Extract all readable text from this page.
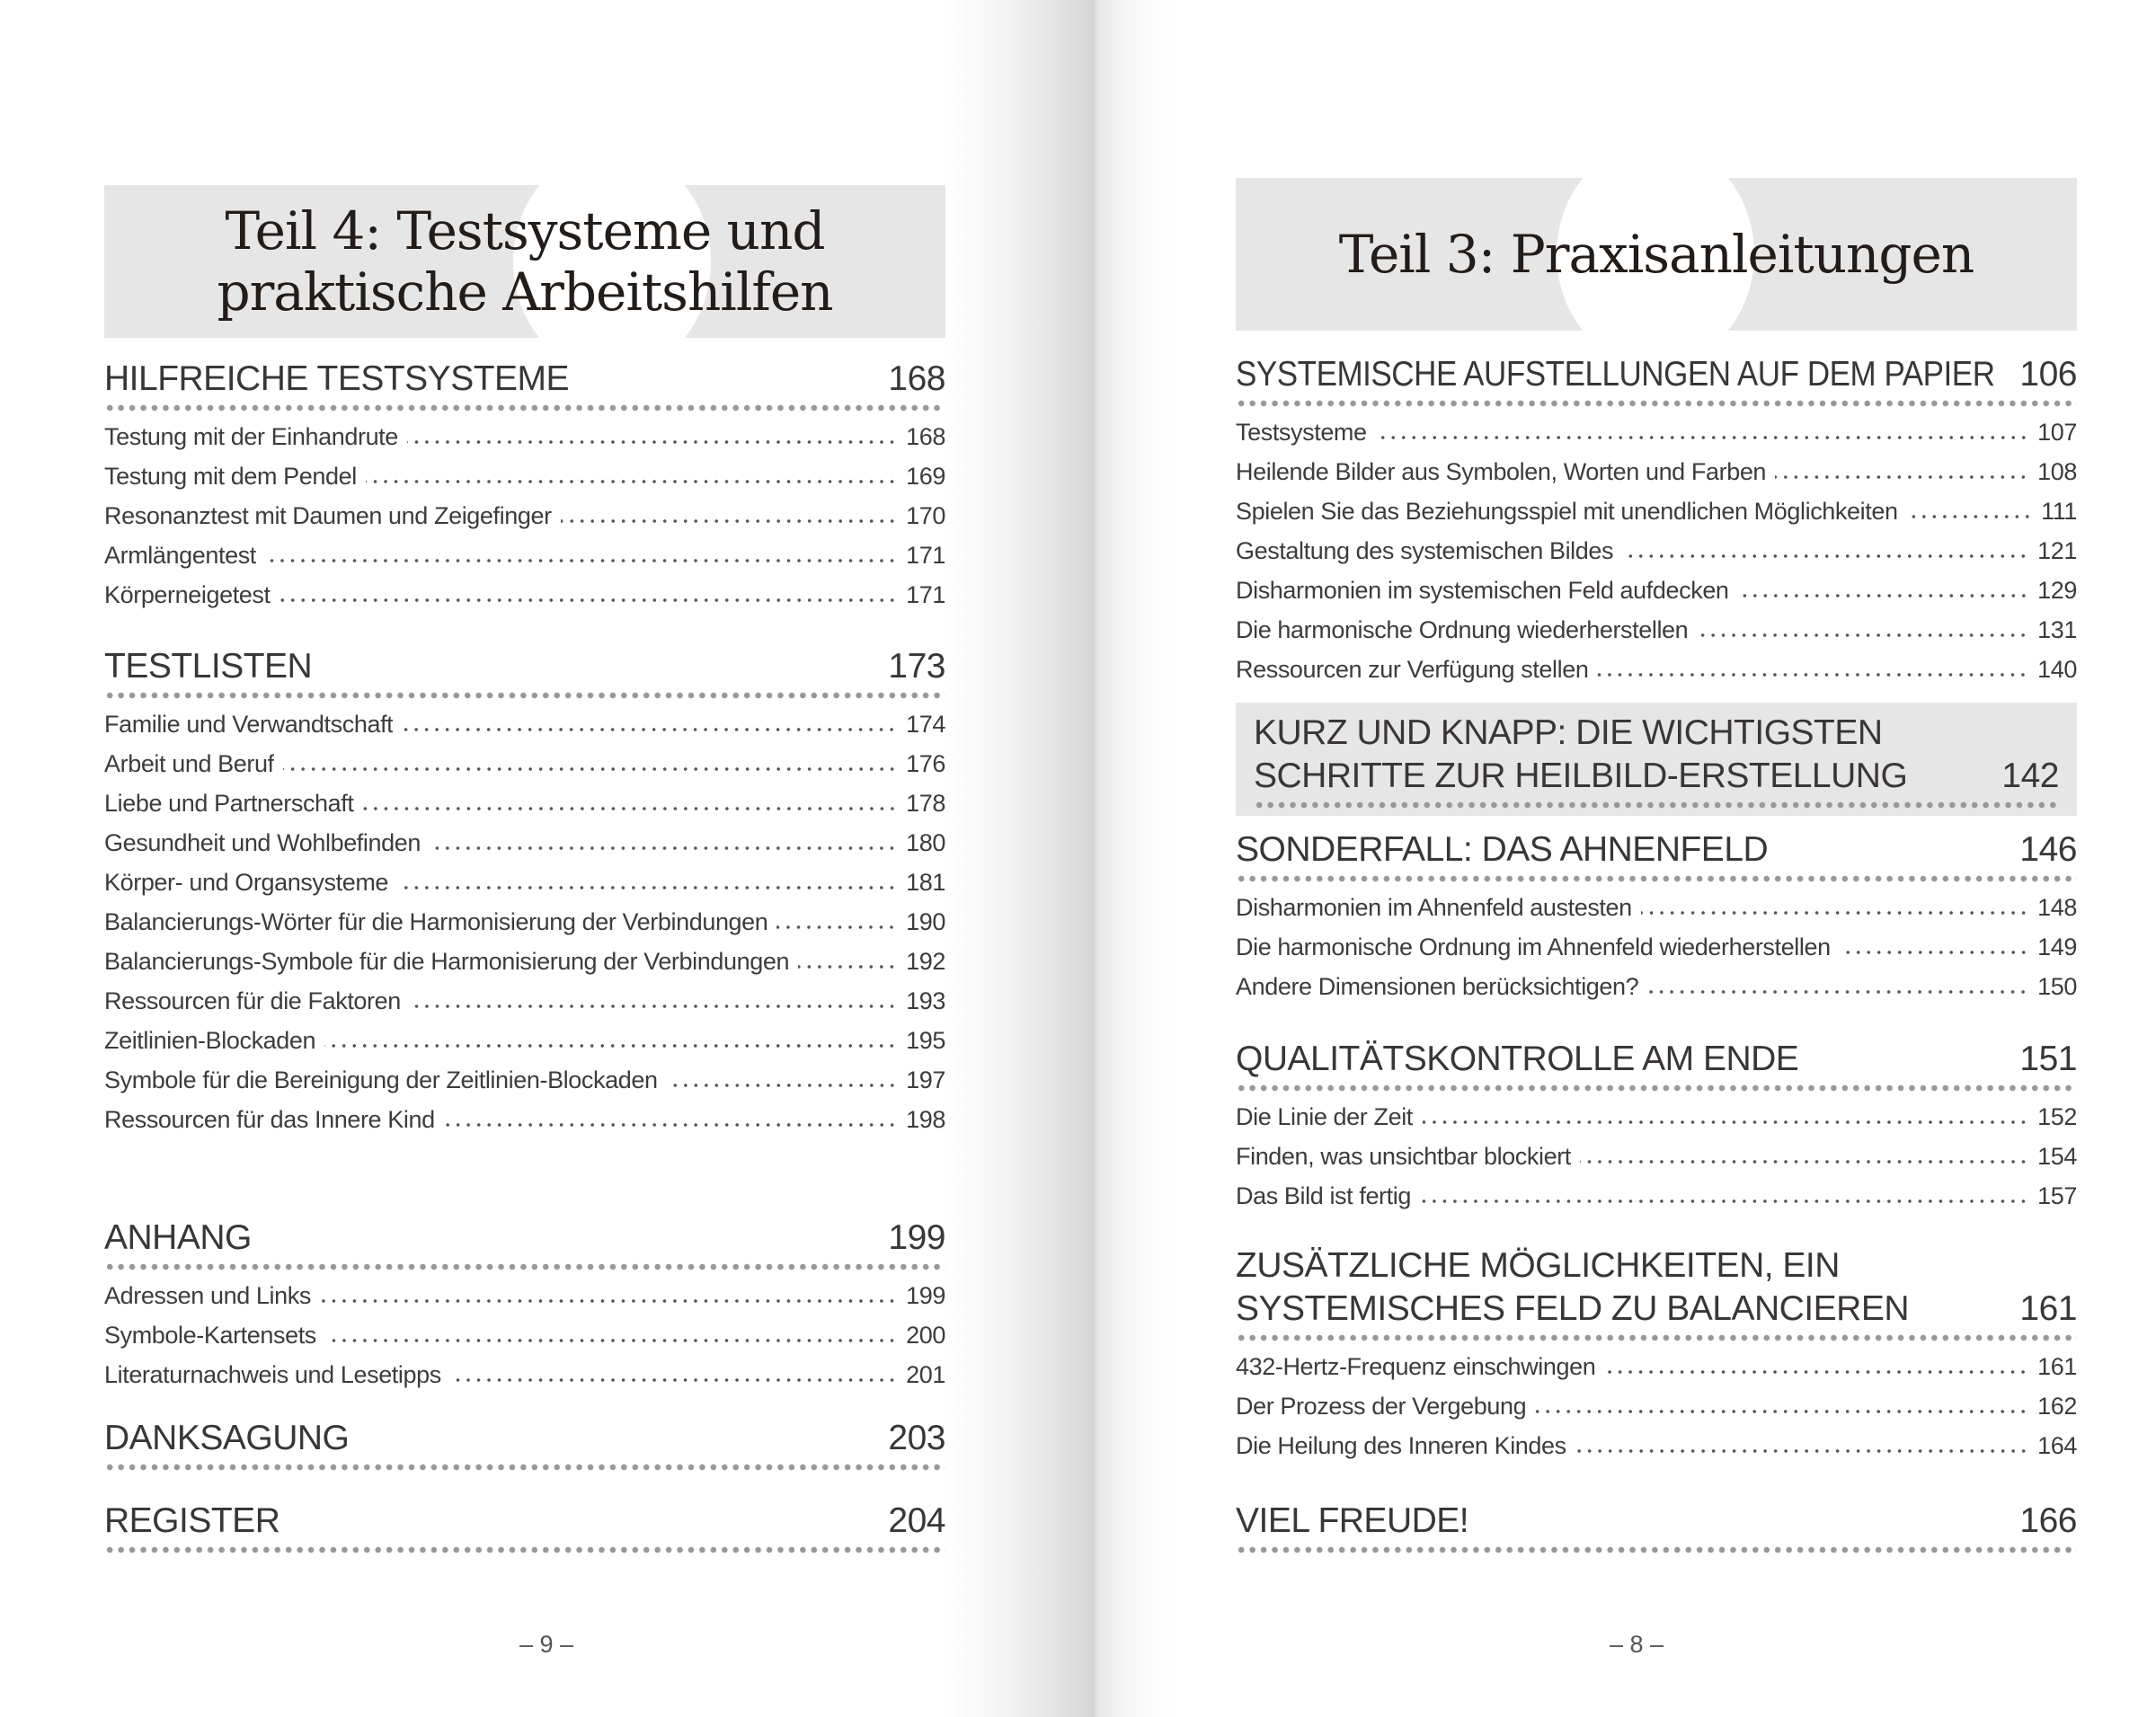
Teil 4: Testsysteme und
praktische Arbeitshilfen
HILFREICHE TESTSYSTEME	168
Testung mit der Einhandrute	168
Testung mit dem Pendel	169
Resonanztest mit Daumen und Zeigefinger	170
Armlängentest	171
Körperneigetest	171
TESTLISTEN	173
Familie und Verwandtschaft	174
Arbeit und Beruf	176
Liebe und Partnerschaft	178
Gesundheit und Wohlbefinden	180
Körper- und Organsysteme	181
Balancierungs-Wörter für die Harmonisierung der Verbindungen	190
Balancierungs-Symbole für die Harmonisierung der Verbindungen	192
Ressourcen für die Faktoren	193
Zeitlinien-Blockaden	195
Symbole für die Bereinigung der Zeitlinien-Blockaden	197
Ressourcen für das Innere Kind	198
ANHANG	199
Adressen und Links	199
Symbole-Kartensets	200
Literaturnachweis und Lesetipps	201
DANKSAGUNG	203
REGISTER	204
– 9 –
Teil 3: Praxisanleitungen
SYSTEMISCHE AUFSTELLUNGEN AUF DEM PAPIER 106
Testsysteme	107
Heilende Bilder aus Symbolen, Worten und Farben	108
Spielen Sie das Beziehungsspiel mit unendlichen Möglichkeiten	111
Gestaltung des systemischen Bildes	121
Disharmonien im systemischen Feld aufdecken	129
Die harmonische Ordnung wiederherstellen	131
Ressourcen zur Verfügung stellen	140
KURZ UND KNAPP: DIE WICHTIGSTEN
SCHRITTE ZUR HEILBILD-ERSTELLUNG	142
SONDERFALL: DAS AHNENFELD	146
Disharmonien im Ahnenfeld austesten	148
Die harmonische Ordnung im Ahnenfeld wiederherstellen	149
Andere Dimensionen berücksichtigen?	150
QUALITÄTSKONTROLLE AM ENDE	151
Die Linie der Zeit	152
Finden, was unsichtbar blockiert	154
Das Bild ist fertig	157
ZUSÄTZLICHE MÖGLICHKEITEN, EIN
SYSTEMISCHES FELD ZU BALANCIEREN	161
432-Hertz-Frequenz einschwingen	161
Der Prozess der Vergebung	162
Die Heilung des Inneren Kindes	164
VIEL FREUDE!	166
– 8 –
